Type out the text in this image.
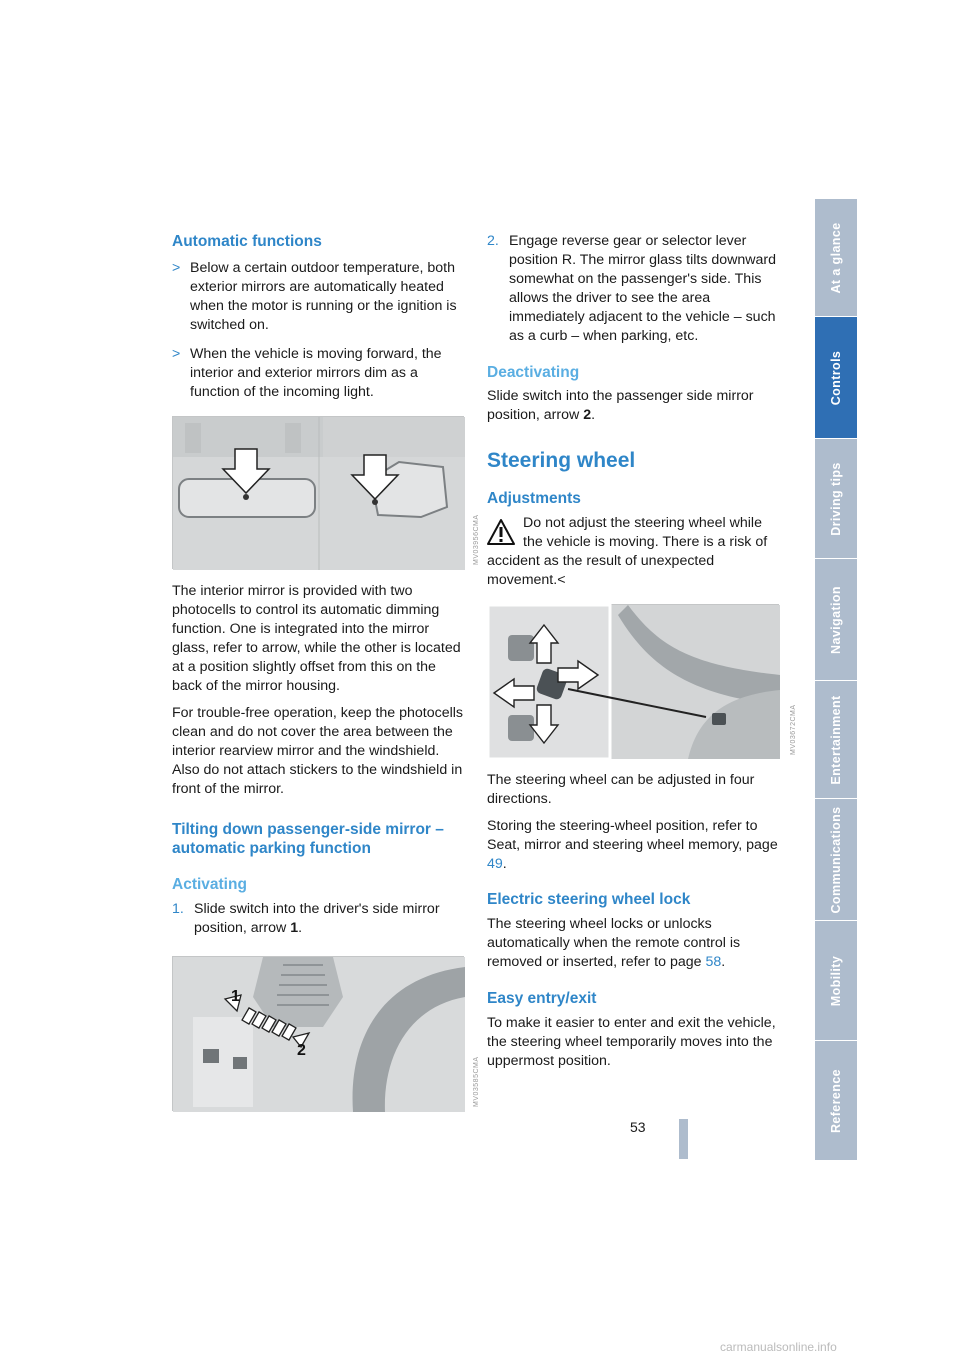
Automatic functions
> Below a certain outdoor temperature, both exterior mirrors are automatically heated when the motor is running or the ignition is switched on.
> When the vehicle is moving forward, the interior and exterior mirrors dim as a function of the incoming light.
MV03956CMA

The interior mirror is provided with two photocells to control its automatic dimming function. One is integrated into the mirror glass, refer to arrow, while the other is located at a position slightly offset from this on the back of the mirror housing.

For trouble-free operation, keep the photocells clean and do not cover the area between the interior rearview mirror and the windshield. Also do not attach stickers to the windshield in front of the mirror.

Tilting down passenger-side mirror – automatic parking function
Activating
1. Slide switch into the driver's side mirror position, arrow 1.
1
2
MV03585CMA
2. Engage reverse gear or selector lever position R. The mirror glass tilts downward somewhat on the passenger's side. This allows the driver to see the area immediately adjacent to the vehicle – such as a curb – when parking, etc.
Deactivating

Slide switch into the passenger side mirror position, arrow 2.

Steering wheel
Adjustments
Do not adjust the steering wheel while the vehicle is moving. There is a risk of accident as the result of unexpected movement.<
MV03672CMA

The steering wheel can be adjusted in four directions.

Storing the steering-wheel position, refer to Seat, mirror and steering wheel memory, page 49.

Electric steering wheel lock

The steering wheel locks or unlocks automatically when the remote control is removed or inserted, refer to page 58.

Easy entry/exit

To make it easier to enter and exit the vehicle, the steering wheel temporarily moves into the uppermost position.

At a glance
Controls
Driving tips
Navigation
Entertainment
Communications
Mobility
Reference
53
carmanualsonline.info
